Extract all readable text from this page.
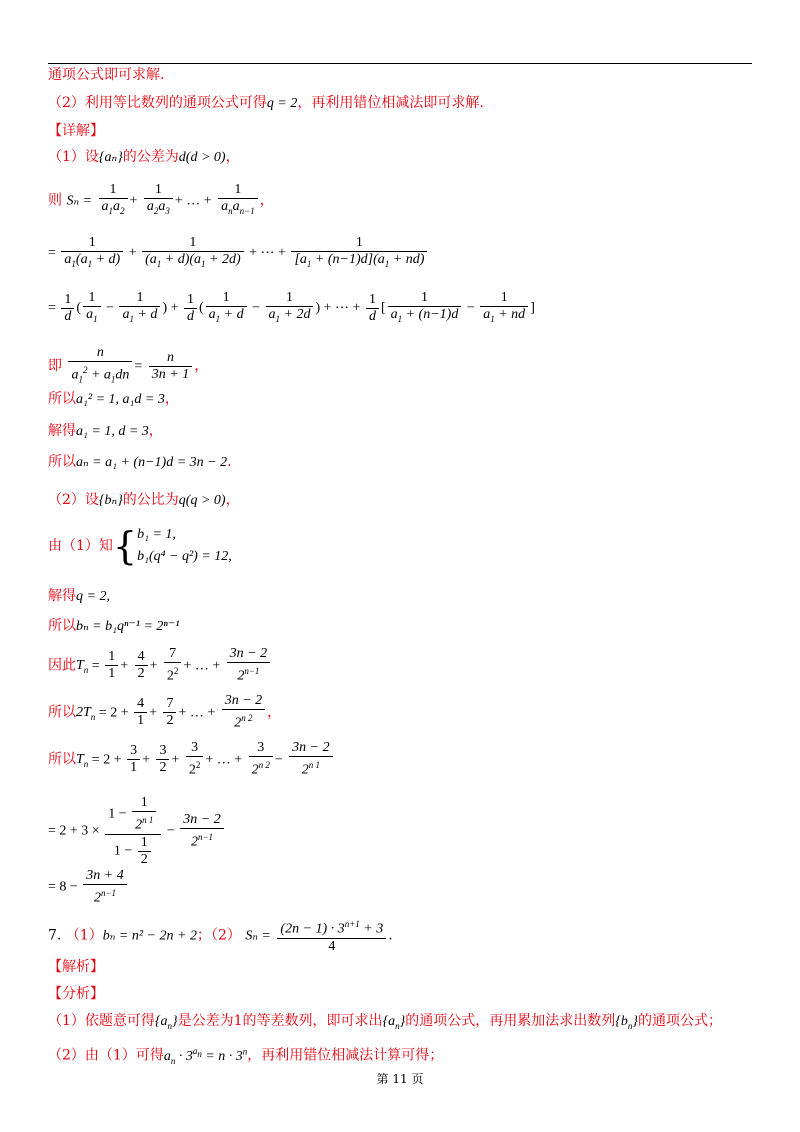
通项公式即可求解.
（2）利用等比数列的通项公式可得q = 2，再利用错位相减法即可求解.
【详解】
（1）设{aₙ}的公差为d(d > 0)，
则 $S_n = \frac{1}{a_1a_2} + \frac{1}{a_2a_3}$ + … + $\frac{1}{a_na_{n-1}}$ ，
= $\frac{1}{a_1(a_1 + d)} + \frac{1}{(a_1 + d)(a_1 + 2d)}$ + ⋯ + $\frac{1}{[a_1 + (n-1)d](a_1 + nd)}$
= $\frac{1}{d}$ ( $\frac{1}{a_1} - \frac{1}{a_1 + d}$ ) + $\frac{1}{d}$ ( $\frac{1}{a_1 + d} - \frac{1}{a_1 + 2d}$ ) + ⋯ + $\frac{1}{d}$ [ $\frac{1}{a_1 + (n-1)d} - \frac{1}{a_1 + nd}$ ]
即 $\frac{n}{a_1^2 + a_1dn} = \frac{n}{3n + 1}$ ，
所以a₁² = 1, a₁d = 3，
解得a₁ = 1, d = 3，
所以aₙ = a₁ + (n−1)d = 3n − 2.
（2）设{bₙ}的公比为q(q > 0)，
由（1）知{ b₁ = 1,
b₁(q⁴ − q²) = 12,
解得q = 2,
所以bₙ = b₁qⁿ⁻¹ = 2ⁿ⁻¹
因此$T_n = \frac{1}{1} + \frac{4}{2} + \frac{7}{2^2}$ + … + $\frac{3n - 2}{2^{n-1}}$
所以$2T_n = 2 + \frac{4}{1} + \frac{7}{2}$ + … + $\frac{3n - 2}{2^{n 2}}$ ，
所以$T_n = 2 + \frac{3}{1} + \frac{3}{2} + \frac{3}{2^2}$ + … + $\frac{3}{2^{n 2}} - \frac{3n - 2}{2^{n 1}}$
= $2 + 3 \times \frac{1 - \frac{1}{2^{n 1}}}{1 - \frac{1}{2}} - \frac{3n - 2}{2^{n-1}}$
= $8 - \frac{3n + 4}{2^{n-1}}$
7. （1）bₙ = n² − 2n + 2；（2） $S_n = \frac{(2n - 1) \cdot 3^{n+1} + 3}{4}$ .
【解析】
【分析】
（1）依题意可得$\{a_n\}$是公差为1的等差数列，即可求出$\{a_n\}$的通项公式，再用累加法求出数列$\{b_n\}$的通项公式；
（2）由（1）可得$a_n \cdot 3^{a_n} = n \cdot 3^n$，再利用错位相减法计算可得；
第 11 页
